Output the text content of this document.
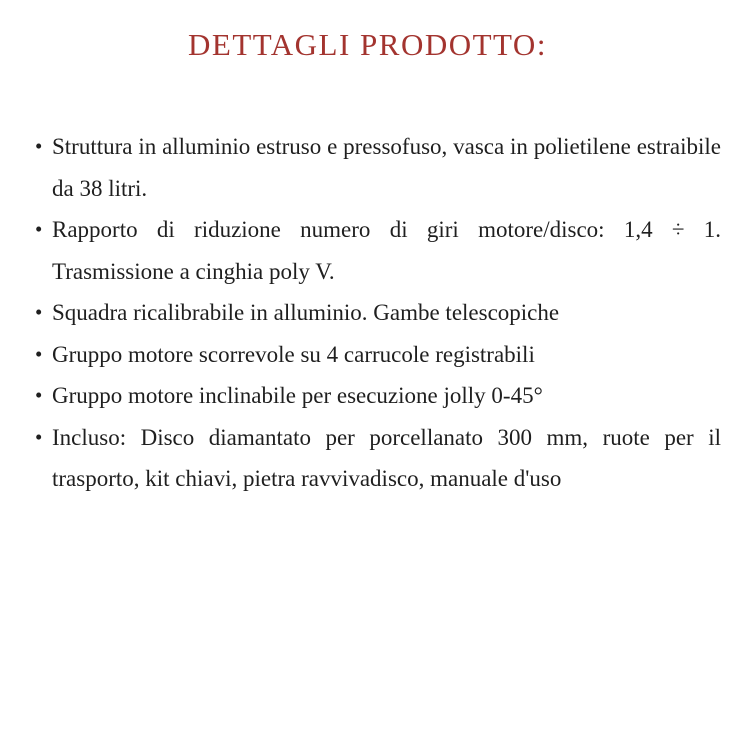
DETTAGLI PRODOTTO:
• Struttura in alluminio estruso e pressofuso, vasca in polietilene estraibile da 38 litri.
• Rapporto di riduzione numero di giri motore/disco: 1,4 ÷ 1. Trasmissione a cinghia poly V.
• Squadra ricalibrabile in alluminio. Gambe telescopiche
• Gruppo motore scorrevole su 4 carrucole registrabili
• Gruppo motore inclinabile per esecuzione jolly 0-45°
• Incluso: Disco diamantato per porcellanato 300 mm, ruote per il trasporto, kit chiavi, pietra ravvivadisco, manuale d'uso
